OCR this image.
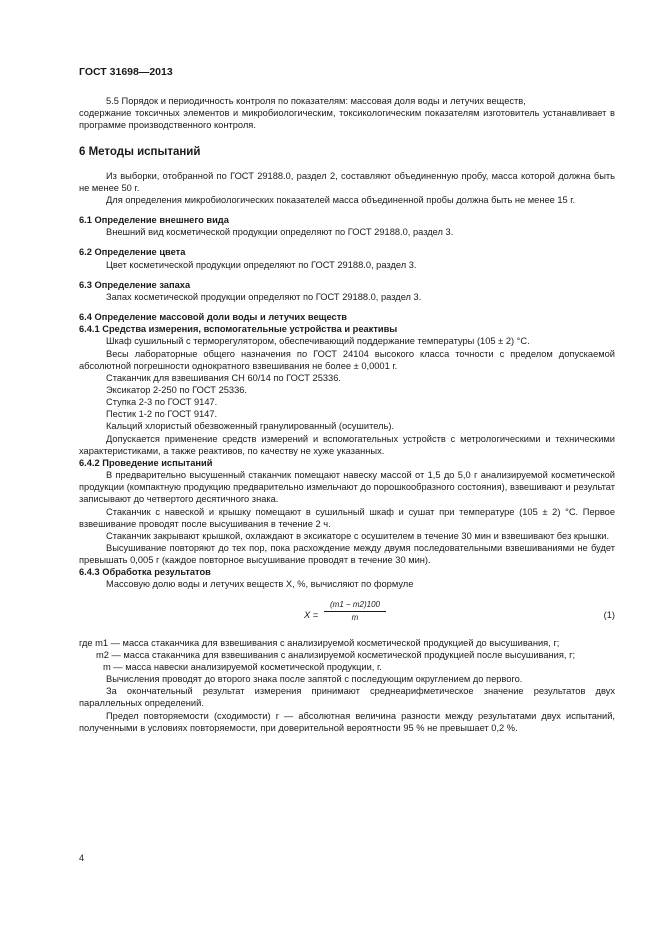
ГОСТ 31698—2013

5.5 Порядок и периодичность контроля по показателям: массовая доля воды и летучих веществ,

содержание токсичных элементов и микробиологическим, токсикологическим показателям изготовитель устанавливает в программе производственного контроля.

6 Методы испытаний

Из выборки, отобранной по ГОСТ 29188.0, раздел 2, составляют объединенную пробу, масса которой должна быть не менее 50 г.

Для определения микробиологических показателей масса объединенной пробы должна быть не менее 15 г.

6.1 Определение внешнего вида

Внешний вид косметической продукции определяют по ГОСТ 29188.0, раздел 3.

6.2 Определение цвета

Цвет косметической продукции определяют по ГОСТ 29188.0, раздел 3.

6.3 Определение запаха

Запах косметической продукции определяют по ГОСТ 29188.0, раздел 3.

6.4 Определение массовой доли воды и летучих веществ

6.4.1 Средства измерения, вспомогательные устройства и реактивы

Шкаф сушильный с терморегулятором, обеспечивающий поддержание температуры (105 ± 2) °С.

Весы лабораторные общего назначения по ГОСТ 24104 высокого класса точности с пределом допускаемой абсолютной погрешности однократного взвешивания не более ± 0,0001 г.

Стаканчик для взвешивания СН 60/14 по ГОСТ 25336.

Эксикатор 2-250 по ГОСТ 25336.

Ступка 2-3 по ГОСТ 9147.

Пестик 1-2 по ГОСТ 9147.

Кальций хлористый обезвоженный гранулированный (осушитель).

Допускается применение средств измерений и вспомогательных устройств с метрологическими и техническими характеристиками, а также реактивов, по качеству не хуже указанных.

6.4.2 Проведение испытаний

В предварительно высушенный стаканчик помещают навеску массой от 1,5 до 5,0 г анализируемой косметической продукции (компактную продукцию предварительно измельчают до порошкообразного состояния), взвешивают и результат записывают до четвертого десятичного знака.

Стаканчик с навеской и крышку помещают в сушильный шкаф и сушат при температуре (105 ± 2) °С. Первое взвешивание проводят после высушивания в течение 2 ч.

Стаканчик закрывают крышкой, охлаждают в эксикаторе с осушителем в течение 30 мин и взвешивают без крышки.

Высушивание повторяют до тех пор, пока расхождение между двумя последовательными взвешиваниями не будет превышать 0,005 г (каждое повторное высушивание проводят в течение 30 мин).

6.4.3 Обработка результатов

Массовую долю воды и летучих веществ X, %, вычисляют по формуле

$X = \frac{(m1 - m2)100}{m}$	(1)
где m1 — масса стаканчика для взвешивания с анализируемой косметической продукцией до высушивания, г;
m2 — масса стаканчика для взвешивания с анализируемой косметической продукцией после высушивания, г;
m — масса навески анализируемой косметической продукции, г.

Вычисления проводят до второго знака после запятой с последующим округлением до первого.

За окончательный результат измерения принимают среднеарифметическое значение результатов двух параллельных определений.

Предел повторяемости (сходимости) r — абсолютная величина разности между результатами двух испытаний, полученными в условиях повторяемости, при доверительной вероятности 95 % не превышает 0,2 %.

4
